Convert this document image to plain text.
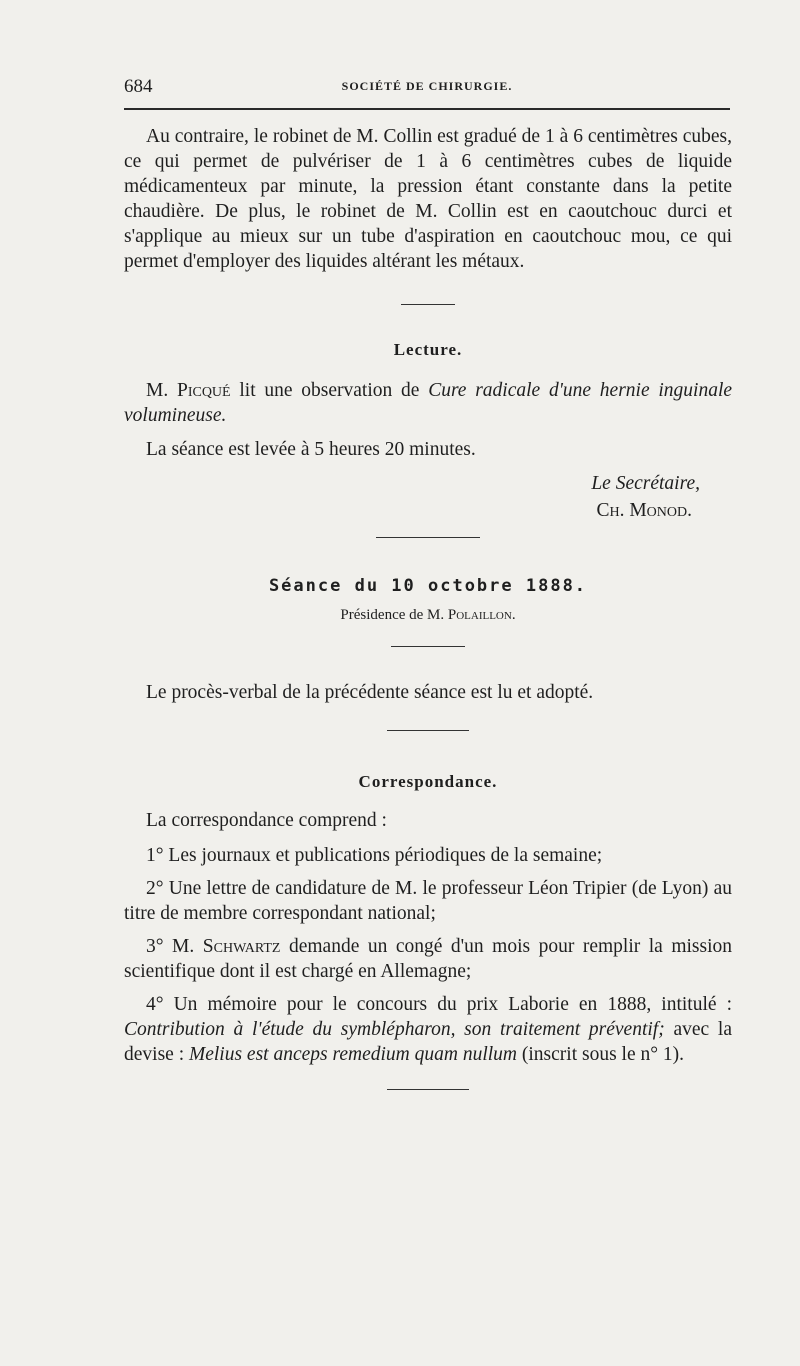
684	SOCIÉTÉ DE CHIRURGIE.

Au contraire, le robinet de M. Collin est gradué de 1 à 6 centimètres cubes, ce qui permet de pulvériser de 1 à 6 centimètres cubes de liquide médicamenteux par minute, la pression étant constante dans la petite chaudière. De plus, le robinet de M. Collin est en caoutchouc durci et s'applique au mieux sur un tube d'aspiration en caoutchouc mou, ce qui permet d'employer des liquides altérant les métaux.

Lecture.

M. Picqué lit une observation de Cure radicale d'une hernie inguinale volumineuse.

La séance est levée à 5 heures 20 minutes.

Le Secrétaire,

Ch. Monod.

Séance du 10 octobre 1888.

Présidence de M. Polaillon.

Le procès-verbal de la précédente séance est lu et adopté.

Correspondance.

La correspondance comprend :

1° Les journaux et publications périodiques de la semaine;

2° Une lettre de candidature de M. le professeur Léon Tripier (de Lyon) au titre de membre correspondant national;

3° M. Schwartz demande un congé d'un mois pour remplir la mission scientifique dont il est chargé en Allemagne;

4° Un mémoire pour le concours du prix Laborie en 1888, intitulé : Contribution à l'étude du symblépharon, son traitement préventif; avec la devise : Melius est anceps remedium quam nullum (inscrit sous le n° 1).
